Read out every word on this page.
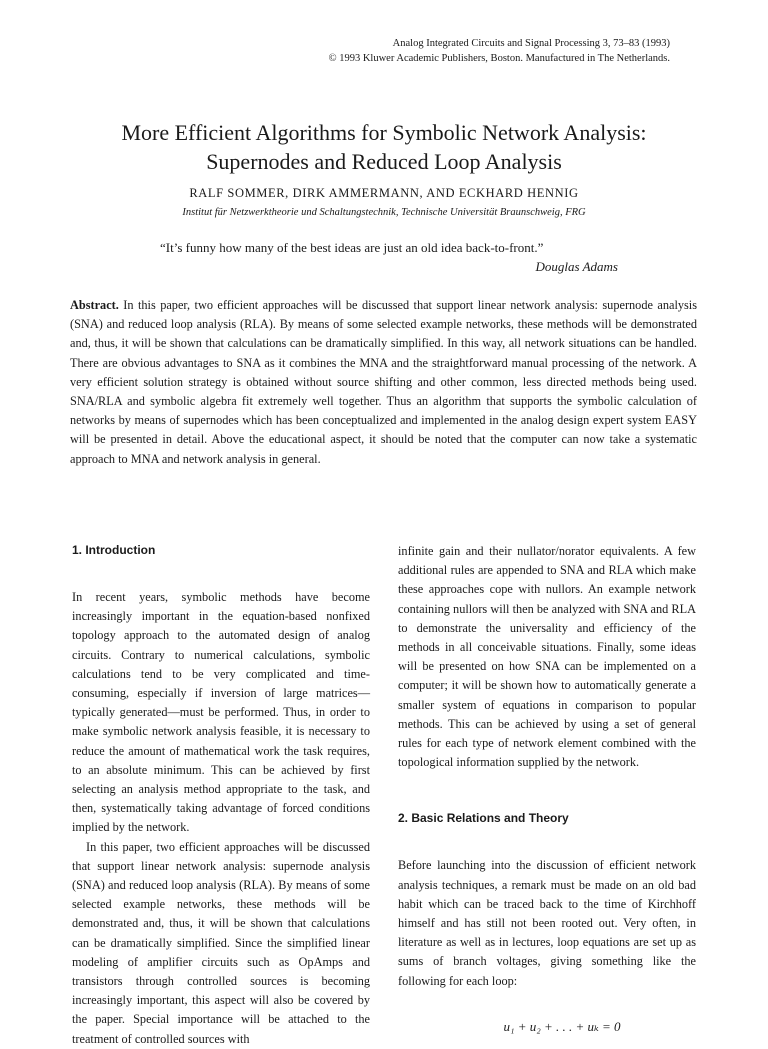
Analog Integrated Circuits and Signal Processing 3, 73–83 (1993)
© 1993 Kluwer Academic Publishers, Boston. Manufactured in The Netherlands.
More Efficient Algorithms for Symbolic Network Analysis:
Supernodes and Reduced Loop Analysis
RALF SOMMER, DIRK AMMERMANN, AND ECKHARD HENNIG
Institut für Netzwerktheorie und Schaltungstechnik, Technische Universität Braunschweig, FRG
“It’s funny how many of the best ideas are just an old idea back-to-front.”
Douglas Adams

Abstract. In this paper, two efficient approaches will be discussed that support linear network analysis: supernode analysis (SNA) and reduced loop analysis (RLA). By means of some selected example networks, these methods will be demonstrated and, thus, it will be shown that calculations can be dramatically simplified. In this way, all network situations can be handled. There are obvious advantages to SNA as it combines the MNA and the straightforward manual processing of the network. A very efficient solution strategy is obtained without source shifting and other common, less directed methods being used. SNA/RLA and symbolic algebra fit extremely well together. Thus an algorithm that supports the symbolic calculation of networks by means of supernodes which has been conceptualized and implemented in the analog design expert system EASY will be presented in detail. Above the educational aspect, it should be noted that the computer can now take a systematic approach to MNA and network analysis in general.

1. Introduction

In recent years, symbolic methods have become increasingly important in the equation-based nonfixed topology approach to the automated design of analog circuits. Contrary to numerical calculations, symbolic calculations tend to be very complicated and time-consuming, especially if inversion of large matrices—typically generated—must be performed. Thus, in order to make symbolic network analysis feasible, it is necessary to reduce the amount of mathematical work the task requires, to an absolute minimum. This can be achieved by first selecting an analysis method appropriate to the task, and then, systematically taking advantage of forced conditions implied by the network.

In this paper, two efficient approaches will be discussed that support linear network analysis: supernode analysis (SNA) and reduced loop analysis (RLA). By means of some selected example networks, these methods will be demonstrated and, thus, it will be shown that calculations can be dramatically simplified. Since the simplified linear modeling of amplifier circuits such as OpAmps and transistors through controlled sources is becoming increasingly important, this aspect will also be covered by the paper. Special importance will be attached to the treatment of controlled sources with

infinite gain and their nullator/norator equivalents. A few additional rules are appended to SNA and RLA which make these approaches cope with nullors. An example network containing nullors will then be analyzed with SNA and RLA to demonstrate the universality and efficiency of the methods in all conceivable situations. Finally, some ideas will be presented on how SNA can be implemented on a computer; it will be shown how to automatically generate a smaller system of equations in comparison to popular methods. This can be achieved by using a set of general rules for each type of network element combined with the topological information supplied by the network.

2. Basic Relations and Theory

Before launching into the discussion of efficient network analysis techniques, a remark must be made on an old bad habit which can be traced back to the time of Kirchhoff himself and has still not been rooted out. Very often, in literature as well as in lectures, loop equations are set up as sums of branch voltages, giving something like the following for each loop:

u₁ + u₂ + . . . + uₖ = 0
